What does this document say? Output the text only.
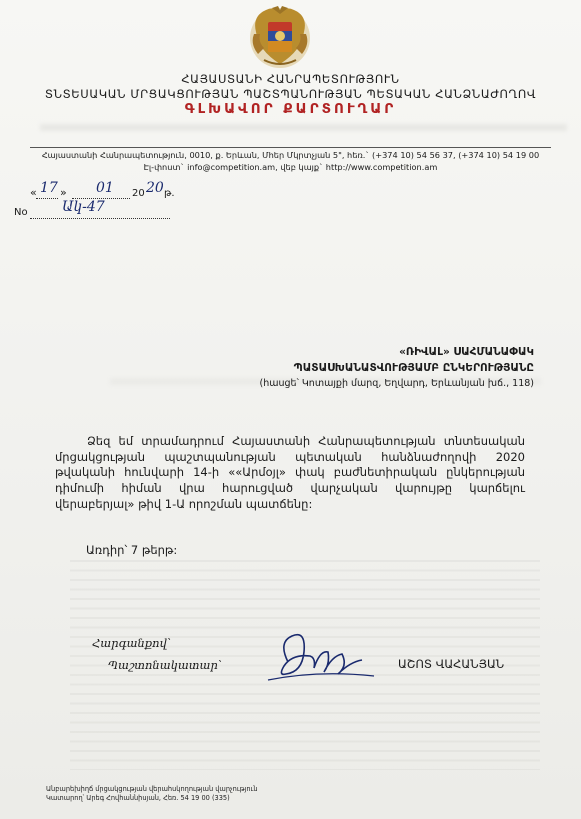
ՀԱՅԱՍՏԱՆԻ ՀԱՆՐԱՊԵՏՈՒԹՅՈՒՆ
ՏՆՏԵՍԱԿԱՆ ՄՐՑԱԿՑՈՒԹՅԱՆ ՊԱՇՏՊԱՆՈՒԹՅԱՆ ՊԵՏԱԿԱՆ ՀԱՆՁՆԱԺՈՂՈՎ
ԳԼԽԱՎՈՐ ՔԱՐՏՈՒՂԱՐ
Հայաստանի Հանրապետություն, 0010, ք. Երևան, Մհեր Մկրտչյան 5", հեռ.` (+374 10) 54 56 37, (+374 10) 54 19 00
Էլ-փոստ` info@competition.am, վեբ կայք` http://www.competition.am
« 17 » 01 20 20 թ.
No Ակ-47
«ՌԻՎԱԼ» ՍԱՀՄԱՆԱՓԱԿ
ՊԱՏԱՍԽԱՆԱՏՎՈՒԹՅԱՄԲ ԸՆԿԵՐՈՒԹՅԱՆԸ
(հասցե՝ Կոտայքի մարզ, Եղվարդ, Երևանյան խճ., 118)
Ձեզ եմ տրամադրում Հայաստանի Հանրապետության տնտեսական մրցակցության պաշտպանության պետական հանձնաժողովի 2020 թվականի հունվարի 14-ի ««Արմօյլ» փակ բաժնետիրական ընկերության դիմումի հիման վրա հարուցված վարչական վարույթը կարճելու վերաբերյալ» թիվ 1-Ա որոշման պատճենը:
Առդիր՝ 7 թերթ:
Հարգանքով՝
Պաշտոնակատար՝	ԱՇՈՏ ՎԱՀԱՆՅԱՆ
Անբարեխիղճ մրցակցության վերահսկողության վարչություն
Կատարող՝ Արեգ Հովհաննիսյան, Հեռ. 54 19 00 (335)
